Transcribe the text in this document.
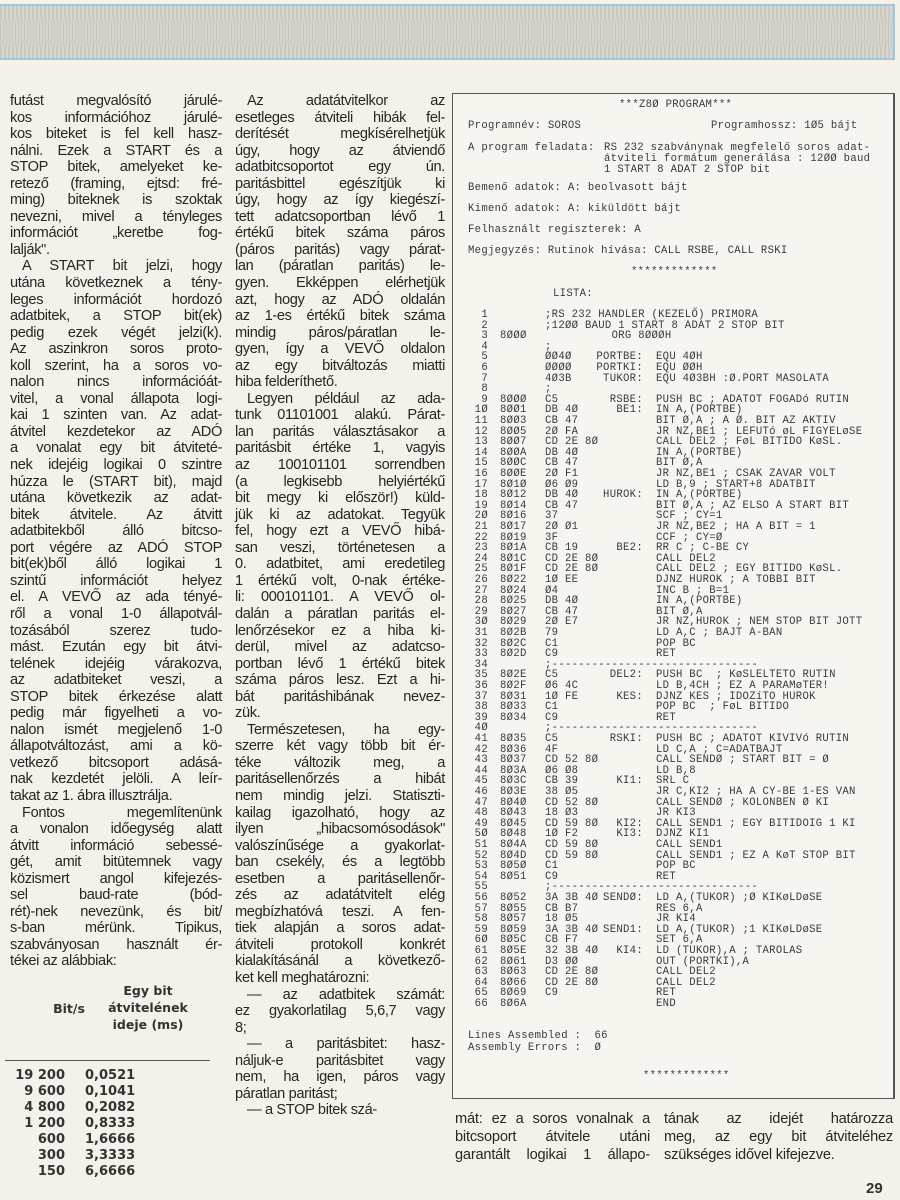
futást megvalósító járulé-
kos információhoz járulé-
kos biteket is fel kell hasz-
nálni. Ezek a START és a
STOP bitek, amelyeket ke-
retező (framing, ejtsd: fré-
ming) biteknek is szoktak
nevezni, mivel a tényleges
információt „keretbe fog-
lalják".
A START bit jelzi, hogy
utána következnek a tény-
leges információt hordozó
adatbitek, a STOP bit(ek)
pedig ezek végét jelzi(k).
Az aszinkron soros proto-
koll szerint, ha a soros vo-
nalon nincs információát-
vitel, a vonal állapota logi-
kai 1 szinten van. Az adat-
átvitel kezdetekor az ADÓ
a vonalat egy bit átviteté-
nek idejéig logikai 0 szintre
húzza le (START bit), majd
utána következik az adat-
bitek átvitele. Az átvitt
adatbitekből álló bitcso-
port végére az ADÓ STOP
bit(ek)ből álló logikai 1
szintű információt helyez
el. A VEVŐ az ada tényé-
ről a vonal 1-0 állapotvál-
tozásából szerez tudo-
mást. Ezután egy bit átvi-
telének idejéig várakozva,
az adatbiteket veszi, a
STOP bitek érkezése alatt
pedig már figyelheti a vo-
nalon ismét megjelenő 1-0
állapotváltozást, ami a kö-
vetkező bitcsoport adásá-
nak kezdetét jelöli. A leír-
takat az 1. ábra illusztrálja.
Fontos megemlítenünk
a vonalon időegység alatt
átvitt információ sebessé-
gét, amit bitütemnek vagy
közismert angol kifejezés-
sel baud-rate (bód-
rét)-nek nevezünk, és bit/
s-ban mérünk. Tipikus,
szabványosan használt ér-
tékei az alábbiak:
Bit/s
Egy bit
átvitelének
ideje (ms)
19 200 0,0521
9 600 0,1041
4 800 0,2082
1 200 0,8333
600 1,6666
300 3,3333
150 6,6666
Az adatátvitelkor az
esetleges átviteli hibák fel-
derítését megkísérelhetjük
úgy, hogy az átviendő
adatbitcsoportot egy ún.
paritásbittel egészítjük ki
úgy, hogy az így kiegészí-
tett adatcsoportban lévő 1
értékű bitek száma páros
(páros paritás) vagy párat-
lan (páratlan paritás) le-
gyen. Ekképpen elérhetjük
azt, hogy az ADÓ oldalán
az 1-es értékű bitek száma
mindig páros/páratlan le-
gyen, így a VEVŐ oldalon
az egy bitváltozás miatti
hiba felderíthető.
Legyen például az ada-
tunk 01101001 alakú. Párat-
lan paritás választásakor a
paritásbit értéke 1, vagyis
az 100101101 sorrendben
(a legkisebb helyiértékű
bit megy ki először!) küld-
jük ki az adatokat. Tegyük
fel, hogy ezt a VEVŐ hibá-
san veszi, történetesen a
0. adatbitet, ami eredetileg
1 értékű volt, 0-nak értéke-
li: 000101101. A VEVŐ ol-
dalán a páratlan paritás el-
lenőrzésekor ez a hiba ki-
derül, mivel az adatcso-
portban lévő 1 értékű bitek
száma páros lesz. Ezt a hi-
bát paritáshibának nevez-
zük.
Természetesen, ha egy-
szerre két vagy több bit ér-
téke változik meg, a
paritásellenőrzés a hibát
nem mindig jelzi. Statiszti-
kailag igazolható, hogy az
ilyen „hibacsomósodások"
valószínűsége a gyakorlat-
ban csekély, és a legtöbb
esetben a paritásellenőr-
zés az adatátvitelt elég
megbízhatóvá teszi. A fen-
tiek alapján a soros adat-
átviteli protokoll konkrét
kialakításánál a következő-
ket kell meghatározni:
— az adatbitek számát:
ez gyakorlatilag 5,6,7 vagy
8;
— a paritásbitet: hasz-
náljuk-e paritásbitet vagy
nem, ha igen, páros vagy
páratlan paritást;
— a STOP bitek szá-
***Z8Ø PROGRAM***
Programnév: SOROS	Programhossz: 1Ø5 bájt
A program feladata: RS 232 szabványnak megfelelő soros adat-
átviteli formátum generálása : 12ØØ baud
1 START 8 ADAT 2 STOP bit
Bemenő adatok: A: beolvasott bájt
Kimenő adatok: A: kiküldött bájt
Felhasznált regiszterek: A
Megjegyzés: Rutinok hívása: CALL RSBE, CALL RSKI
*************
LISTA:
1	;RS 232 HANDLER (KEZELŐ) PRIMORA
2	;12ØØ BAUD 1 START 8 ADAT 2 STOP BIT
3 8ØØØ ORG 8ØØØH
4	;
5	ØØ4Ø PORTBE: EQU 4ØH
6	ØØØØ PORTKI: EQU ØØH
7	4Ø3B	TUKOR: EQU 4Ø3BH :Ø.PORT MASOLATA
8	;
9 8ØØØ C5	RSBE: PUSH BC ; ADATOT FOGADó RUTIN
1Ø 8ØØ1 DB 4Ø	BE1: IN A,(PORTBE)
11 8ØØ3 CB 47	BIT Ø,A ; A Ø. BIT AZ AKTIV
12 8ØØ5 2Ø FA	JR NZ,BE1 ; LEFUTó øL FIGYELøSE
13 8ØØ7 CD 2E 8Ø	CALL DEL2 ; FøL BITIDO KøSL.
14 8ØØA DB 4Ø	IN A,(PORTBE)
15 8ØØC CB 47	BIT Ø,A
16 8ØØE 2Ø F1	JR NZ,BE1 ; CSAK ZAVAR VOLT
17 8Ø1Ø Ø6 Ø9	LD B,9 ; START+8 ADATBIT
18 8Ø12 DB 4Ø HUROK: IN A,(PORTBE)
19 8Ø14 CB 47	BIT Ø,A ; AZ ELSO A START BIT
2Ø 8Ø16 37	SCF ; CY=1
21 8Ø17 2Ø Ø1	JR NZ,BE2 ; HA A BIT = 1
22 8Ø19 3F	CCF ; CY=Ø
23 8Ø1A CB 19	BE2: RR C ; C-BE CY
24 8Ø1C CD 2E 8Ø	CALL DEL2
25 8Ø1F CD 2E 8Ø	CALL DEL2 ; EGY BITIDO KøSL.
26 8Ø22 1Ø EE	DJNZ HUROK ; A TOBBI BIT
27 8Ø24 Ø4	INC B ; B=1
28 8Ø25 DB 4Ø	IN A,(PORTBE)
29 8Ø27 CB 47	BIT Ø,A
3Ø 8Ø29 2Ø E7	JR NZ,HUROK ; NEM STOP BIT JOTT
31 8Ø2B 79	LD A,C ; BAJT A-BAN
32 8Ø2C C1	POP BC
33 8Ø2D C9	RET
34	;-------------------------------
35 8Ø2E C5	DEL2: PUSH BC  ; KøSLELTETO RUTIN
36 8Ø2F Ø6 4C	LD B,4CH ; EZ A PARAMøTER!
37 8Ø31 1Ø FE	KES: DJNZ KES ; IDOZíTO HUROK
38 8Ø33 C1	POP BC  ; FøL BITIDO
39 8Ø34 C9	RET
4Ø	;-------------------------------
41 8Ø35 C5	RSKI: PUSH BC ; ADATOT KIVIVó RUTIN
42 8Ø36 4F	LD C,A ; C=ADATBAJT
43 8Ø37 CD 52 8Ø	CALL SENDØ ; START BIT = Ø
44 8Ø3A Ø6 Ø8	LD B,8
45 8Ø3C CB 39	KI1: SRL C
46 8Ø3E 38 Ø5	JR C,KI2 ; HA A CY-BE 1-ES VAN
47 8Ø4Ø CD 52 8Ø	CALL SENDØ ; KOLONBEN Ø KI
48 8Ø43 18 Ø3	JR KI3
49 8Ø45 CD 59 8Ø KI2: CALL SEND1 ; EGY BITIDOIG 1 KI
5Ø 8Ø48 1Ø F2	KI3: DJNZ KI1
51 8Ø4A CD 59 8Ø	CALL SEND1
52 8Ø4D CD 59 8Ø	CALL SEND1 ; EZ A KøT STOP BIT
53 8Ø5Ø C1	POP BC
54 8Ø51 C9	RET
55	;-------------------------------
56 8Ø52 3A 3B 4Ø SENDØ: LD A,(TUKOR) ;Ø KIKøLDøSE
57 8Ø55 CB B7	RES 6,A
58 8Ø57 18 Ø5	JR KI4
59 8Ø59 3A 3B 4Ø SEND1: LD A,(TUKOR) ;1 KIKøLDøSE
6Ø 8Ø5C CB F7	SET 6,A
61 8Ø5E 32 3B 4Ø KI4: LD (TUKOR),A ; TAROLAS
62 8Ø61 D3 ØØ	OUT (PORTKI),A
63 8Ø63 CD 2E 8Ø	CALL DEL2
64 8Ø66 CD 2E 8Ø	CALL DEL2
65 8Ø69 C9	RET
66 8Ø6A	END
Lines Assembled :  66
Assembly Errors :  Ø
*************
mát: ez a soros vonalnak a
bitcsoport átvitele utáni
garantált logikai 1 állapo-
tának az idejét határozza
meg, az egy bit átviteléhez
szükséges idővel kifejezve.
29
